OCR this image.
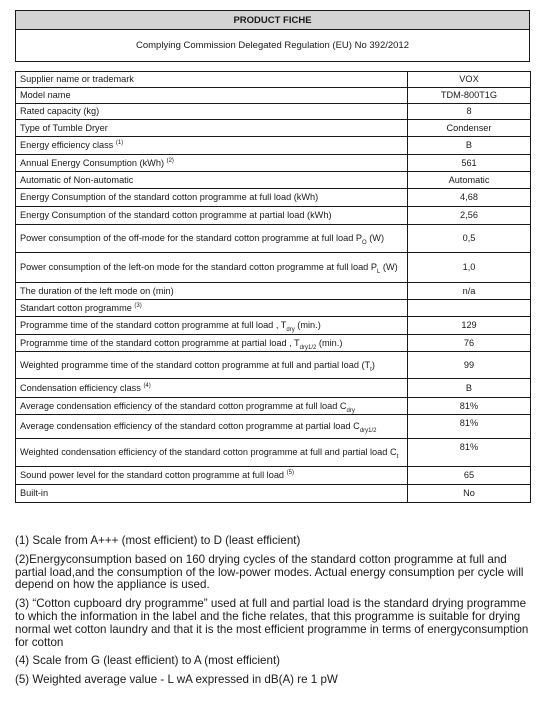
PRODUCT FICHE
Complying Commission Delegated Regulation (EU) No 392/2012
Supplier name or trademark	VOX
Model name	TDM-800T1G
Rated capacity (kg)	8
Type of Tumble Dryer	Condenser
Energy efficiency class $^{(1)}$	B
Annual Energy Consumption (kWh) $^{(2)}$	561
Automatic of Non-automatic	Automatic
Energy Consumption of the standard cotton programme at full load (kWh)	4,68
Energy Consumption of the standard cotton programme at partial load (kWh)	2,56
Power consumption of the off-mode for the standard cotton programme at full load $P_O$ (W)	0,5
Power consumption of the left-on mode for the standard cotton programme at full load $P_L$ (W)	1,0
The duration of the left mode on (min)	n/a
Standart cotton programme $^{(3)}$	
Programme time of the standard cotton programme at full load , $T_{dry}$ (min.)	129
Programme time of the standard cotton programme at partial load , $T_{dry1/2}$ (min.)	76
Weighted programme time of the standard cotton programme at full and partial load $(T_t)$	99
Condensation efficiency class $^{(4)}$	B
Average condensation efficiency of the standard cotton programme at full load $C_{dry}$	81%
Average condensation efficiency of the standard cotton programme at partial load $C_{dry1/2}$	81%
Weighted condensation efficiency of the standard cotton programme at full and partial load $C_t$	81%
Sound power level for the standard cotton programme at full load $^{(5)}$	65
Built-in	No

(1) Scale from A+++ (most efficient) to D (least efficient)

(2)Energyconsumption based on 160 drying cycles of the standard cotton programme at full and partial load,and the consumption of the low-power modes. Actual energy consumption per cycle will depend on how the appliance is used.

(3) “Cotton cupboard dry programme” used at full and partial load is the standard drying programme to which the information in the label and the fiche relates, that this programme is suitable for drying normal wet cotton laundry and that it is the most efficient programme in terms of energyconsumption for cotton

(4) Scale from G (least efficient) to A (most efficient)

(5) Weighted average value - L wA expressed in dB(A) re 1 pW
